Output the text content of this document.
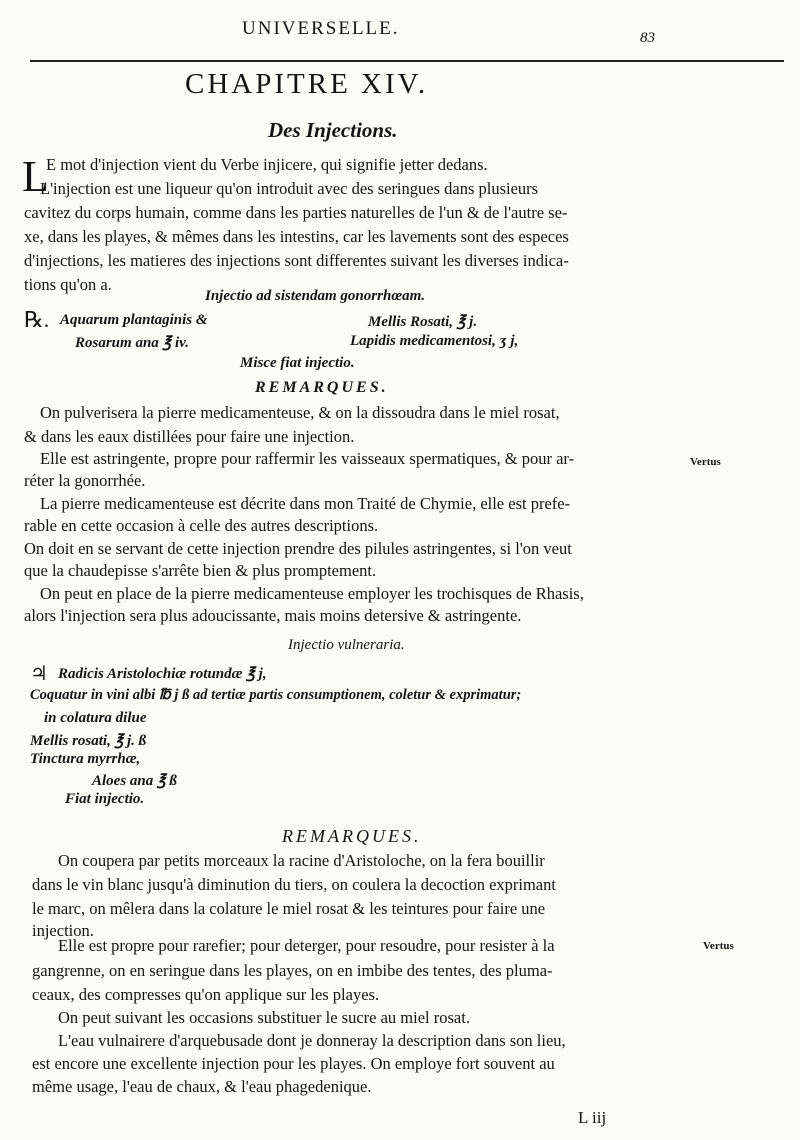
UNIVERSELLE.	83
CHAPITRE XIV.
Des Injections.
L
E mot d'injection vient du Verbe injicere, qui signifie jetter dedans.
L'injection est une liqueur qu'on introduit avec des seringues dans plusieurs
cavitez du corps humain, comme dans les parties naturelles de l'un & de l'autre se-
xe, dans les playes, & mêmes dans les intestins, car les lavements sont des especes
d'injections, les matieres des injections sont differentes suivant les diverses indica-
tions qu'on a.
Injectio ad sistendam gonorrhœam.
℞. Aquarum plantaginis &
Rosarum ana ℥ iv.
Mellis Rosati, ℥ j.
Lapidis medicamentosi, ʒ j,
Misce fiat injectio.
REMARQUES.
On pulverisera la pierre medicamenteuse, & on la dissoudra dans le miel rosat,
& dans les eaux distillées pour faire une injection.
Elle est astringente, propre pour raffermir les vaisseaux spermatiques, & pour ar-
réter la gonorrhée.
La pierre medicamenteuse est décrite dans mon Traité de Chymie, elle est prefe-
rable en cette occasion à celle des autres descriptions.
On doit en se servant de cette injection prendre des pilules astringentes, si l'on veut
que la chaudepisse s'arrête bien & plus promptement.
On peut en place de la pierre medicamenteuse employer les trochisques de Rhasis,
alors l'injection sera plus adoucissante, mais moins detersive & astringente.
Vertus
Injectio vulneraria.
♃ Radicis Aristolochiæ rotundæ ℥ j,
Coquatur in vini albi ℔ j ß ad tertiæ partis consumptionem, coletur & exprimatur;
in colatura dilue
Mellis rosati, ℥ j. ß
Tinctura myrrhæ,
Aloes ana ℥ ß
Fiat injectio.
REMARQUES.
On coupera par petits morceaux la racine d'Aristoloche, on la fera bouillir
dans le vin blanc jusqu'à diminution du tiers, on coulera la decoction exprimant
le marc, on mêlera dans la colature le miel rosat & les teintures pour faire une
injection.
Elle est propre pour rarefier; pour deterger, pour resoudre, pour resister à la
gangrenne, on en seringue dans les playes, on en imbibe des tentes, des pluma-
ceaux, des compresses qu'on applique sur les playes.
On peut suivant les occasions substituer le sucre au miel rosat.
L'eau vulnairere d'arquebusade dont je donneray la description dans son lieu,
est encore une excellente injection pour les playes. On employe fort souvent au
même usage, l'eau de chaux, & l'eau phagedenique.
Vertus
L iij
